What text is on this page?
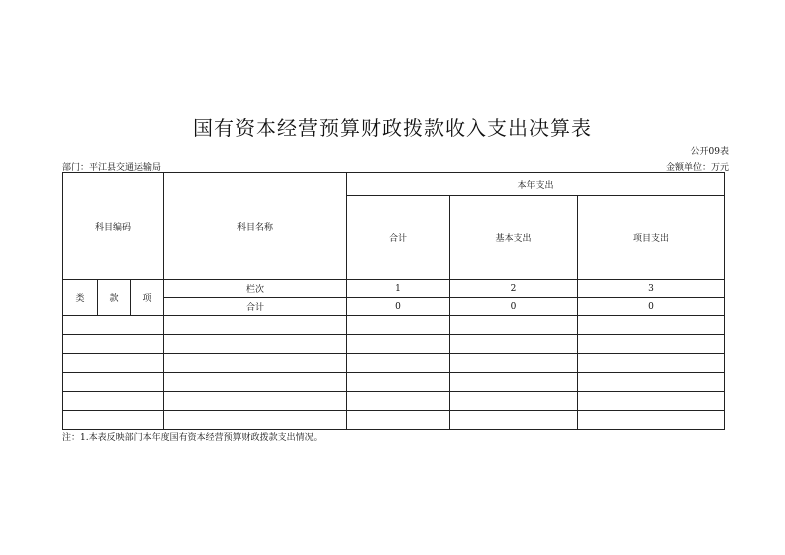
国有资本经营预算财政拨款收入支出决算表
公开09表
部门：平江县交通运输局	金额单位：万元
科目编码			科目名称	本年支出		
				合计	基本支出	项目支出
类	款	项	栏次	1	2	3
			合计	0	0	0

注：1.本表反映部门本年度国有资本经营预算财政拨款支出情况。
